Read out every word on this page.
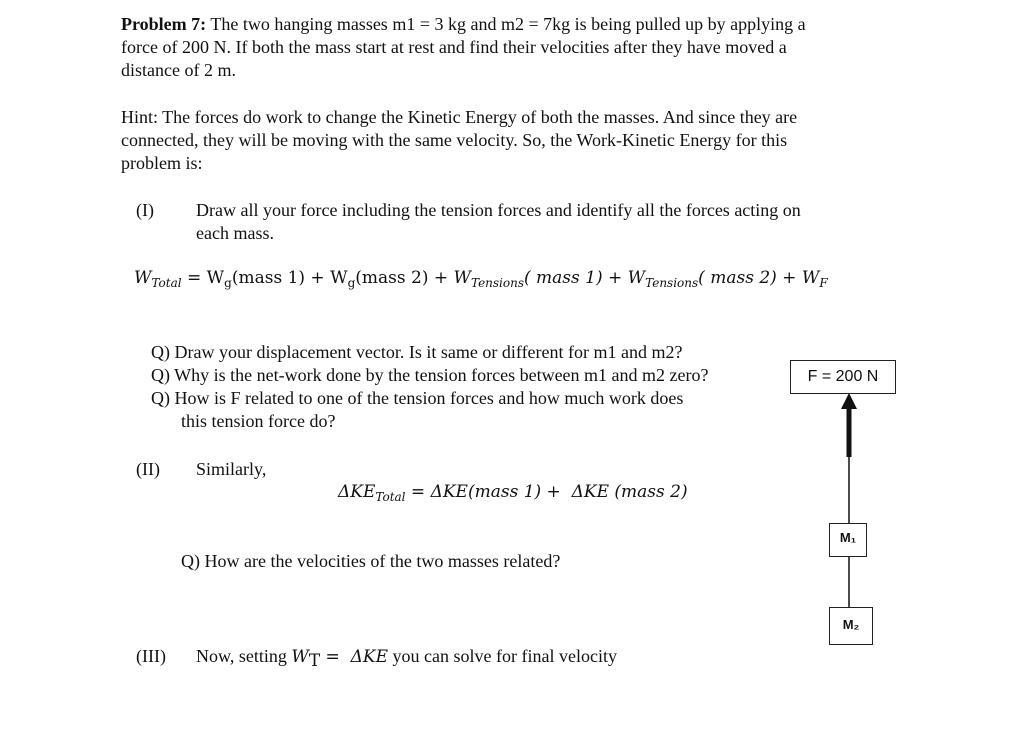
Problem 7: The two hanging masses m1 = 3 kg and m2 = 7kg is being pulled up by applying a
force of 200 N. If both the mass start at rest and find their velocities after they have moved a
distance of 2 m.
Hint: The forces do work to change the Kinetic Energy of both the masses. And since they are
connected, they will be moving with the same velocity. So, the Work-Kinetic Energy for this
problem is:
(I) Draw all your force including the tension forces and identify all the forces acting on
each mass.
$W_{Total}$ = $W_g(mass$ $1) + W_g(mass$ $2) + W_{Tensions}$( mass $1) + W_{Tensions}$( mass $2) + W_F$
Q) Draw your displacement vector. Is it same or different for m1 and m2?
Q) Why is the net-work done by the tension forces between m1 and m2 zero?
Q) How is F related to one of the tension forces and how much work does
this tension force do?
(II) Similarly,
$\Delta KE_{Total}$ = ΔKE(mass 1) +  ΔKE (mass 2)
Q) How are the velocities of the two masses related?
(III) Now, setting $W_T = \Delta KE$ you can solve for final velocity
F = 200 N
M₁
M₂
